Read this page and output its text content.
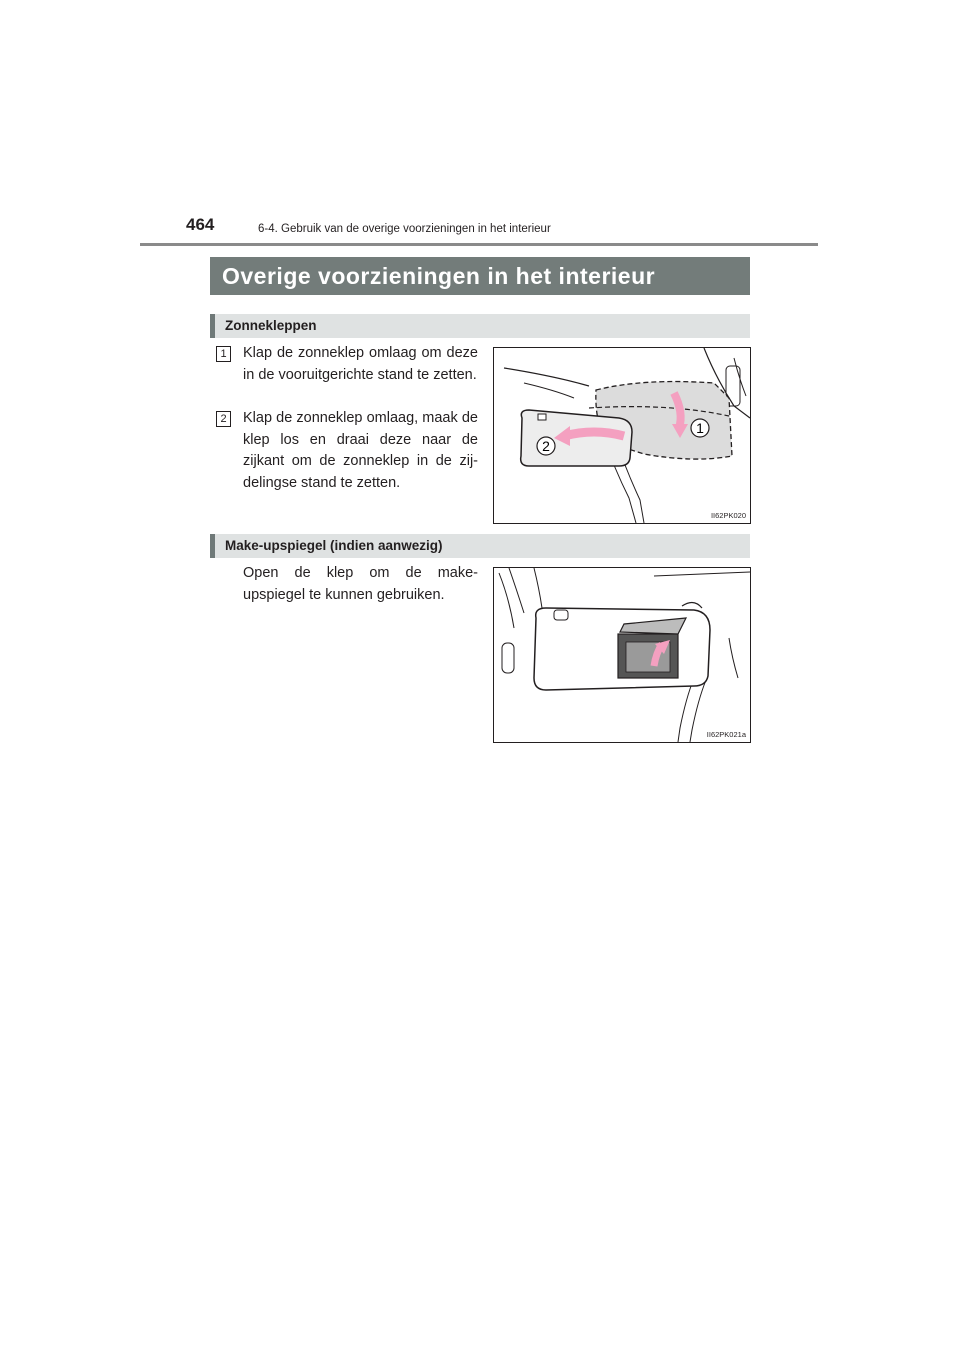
464	6-4. Gebruik van de overige voorzieningen in het interieur
Overige voorzieningen in het interieur
Zonnekleppen
1	Klap de zonneklep omlaag om deze in de vooruitgerichte stand te zetten.
2	Klap de zonneklep omlaag, maak de klep los en draai deze naar de zijkant om de zonneklep in de zij-delingse stand te zetten.
1
2
II62PK020
Make-upspiegel (indien aanwezig)
Open de klep om de make-upspiegel te kunnen gebruiken.
II62PK021a
